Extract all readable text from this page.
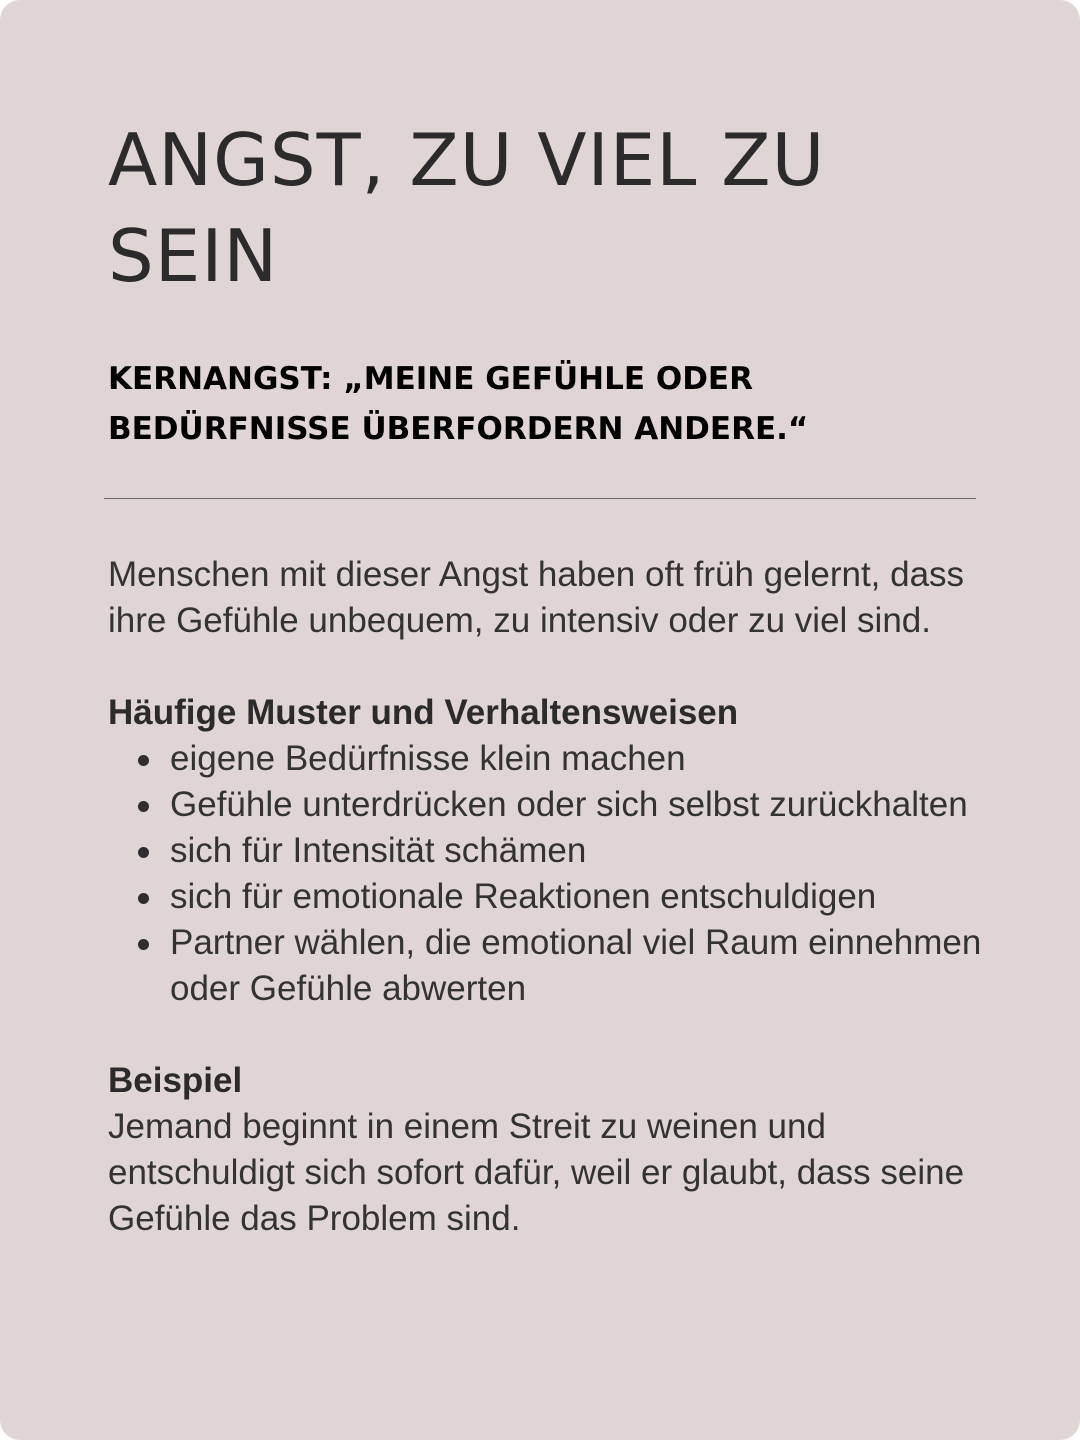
ANGST, ZU VIEL ZU SEIN
KERNANGST: „MEINE GEFÜHLE ODER
BEDÜRFNISSE ÜBERFORDERN ANDERE.“

Menschen mit dieser Angst haben oft früh gelernt, dass ihre Gefühle unbequem, zu intensiv oder zu viel sind.

Häufige Muster und Verhaltensweisen

eigene Bedürfnisse klein machen
Gefühle unterdrücken oder sich selbst zurückhalten
sich für Intensität schämen
sich für emotionale Reaktionen entschuldigen
Partner wählen, die emotional viel Raum einnehmen oder Gefühle abwerten

Beispiel

Jemand beginnt in einem Streit zu weinen und entschuldigt sich sofort dafür, weil er glaubt, dass seine Gefühle das Problem sind.
